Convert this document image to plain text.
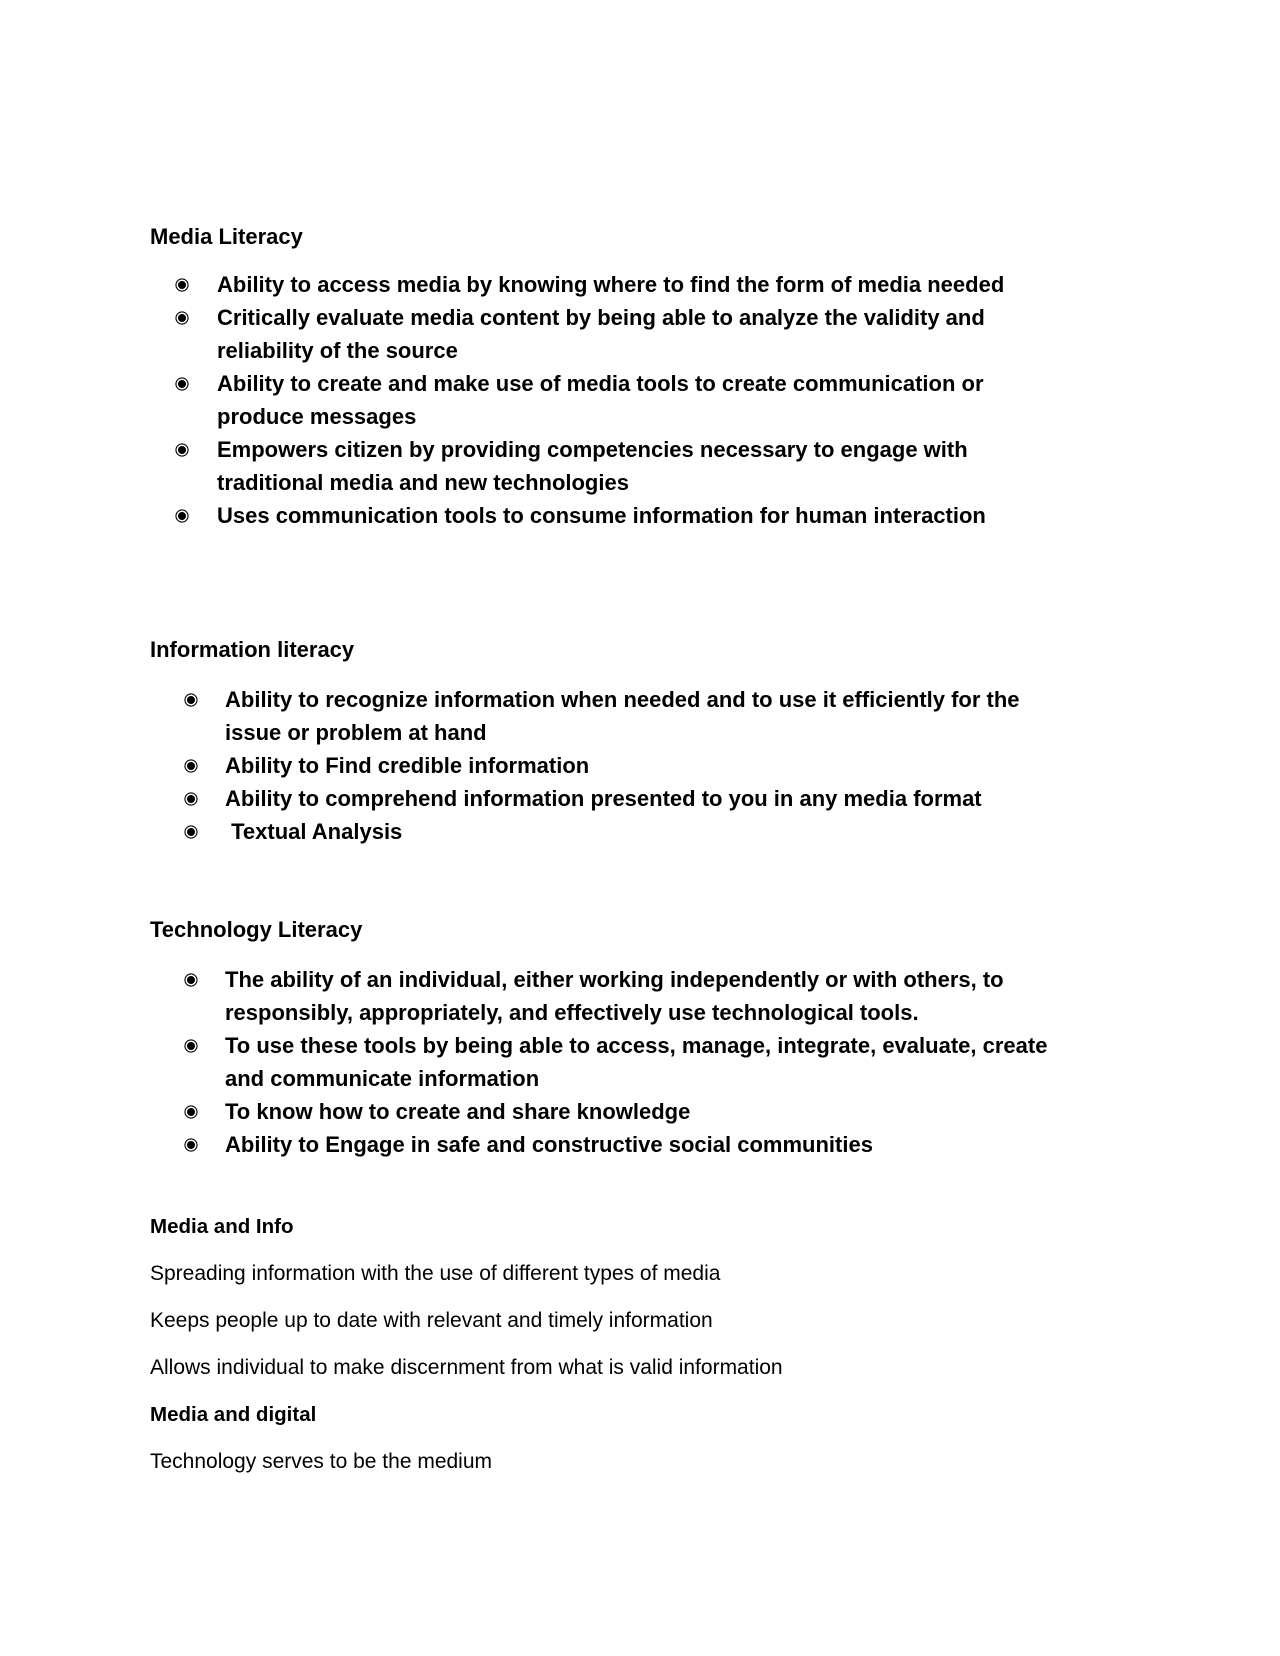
Media Literacy
Ability to access media by knowing where to find the form of media needed
Critically evaluate media content by being able to analyze the validity and reliability of the source
Ability to create and make use of media tools to create communication or produce messages
Empowers citizen by providing competencies necessary to engage with traditional media and new technologies
Uses communication tools to consume information for human interaction
Information literacy
Ability to recognize information when needed and to use it efficiently for the issue or problem at hand
Ability to Find credible information
Ability to comprehend information presented to you in any media format
Textual Analysis
Technology Literacy
The ability of an individual, either working independently or with others, to responsibly, appropriately, and effectively use technological tools.
To use these tools by being able to access, manage, integrate, evaluate, create and communicate information
To know how to create and share knowledge
Ability to Engage in safe and constructive social communities
Media and Info

Spreading information with the use of different types of media

Keeps people up to date with relevant and timely information

Allows individual to make discernment from what is valid information

Media and digital

Technology serves to be the medium
